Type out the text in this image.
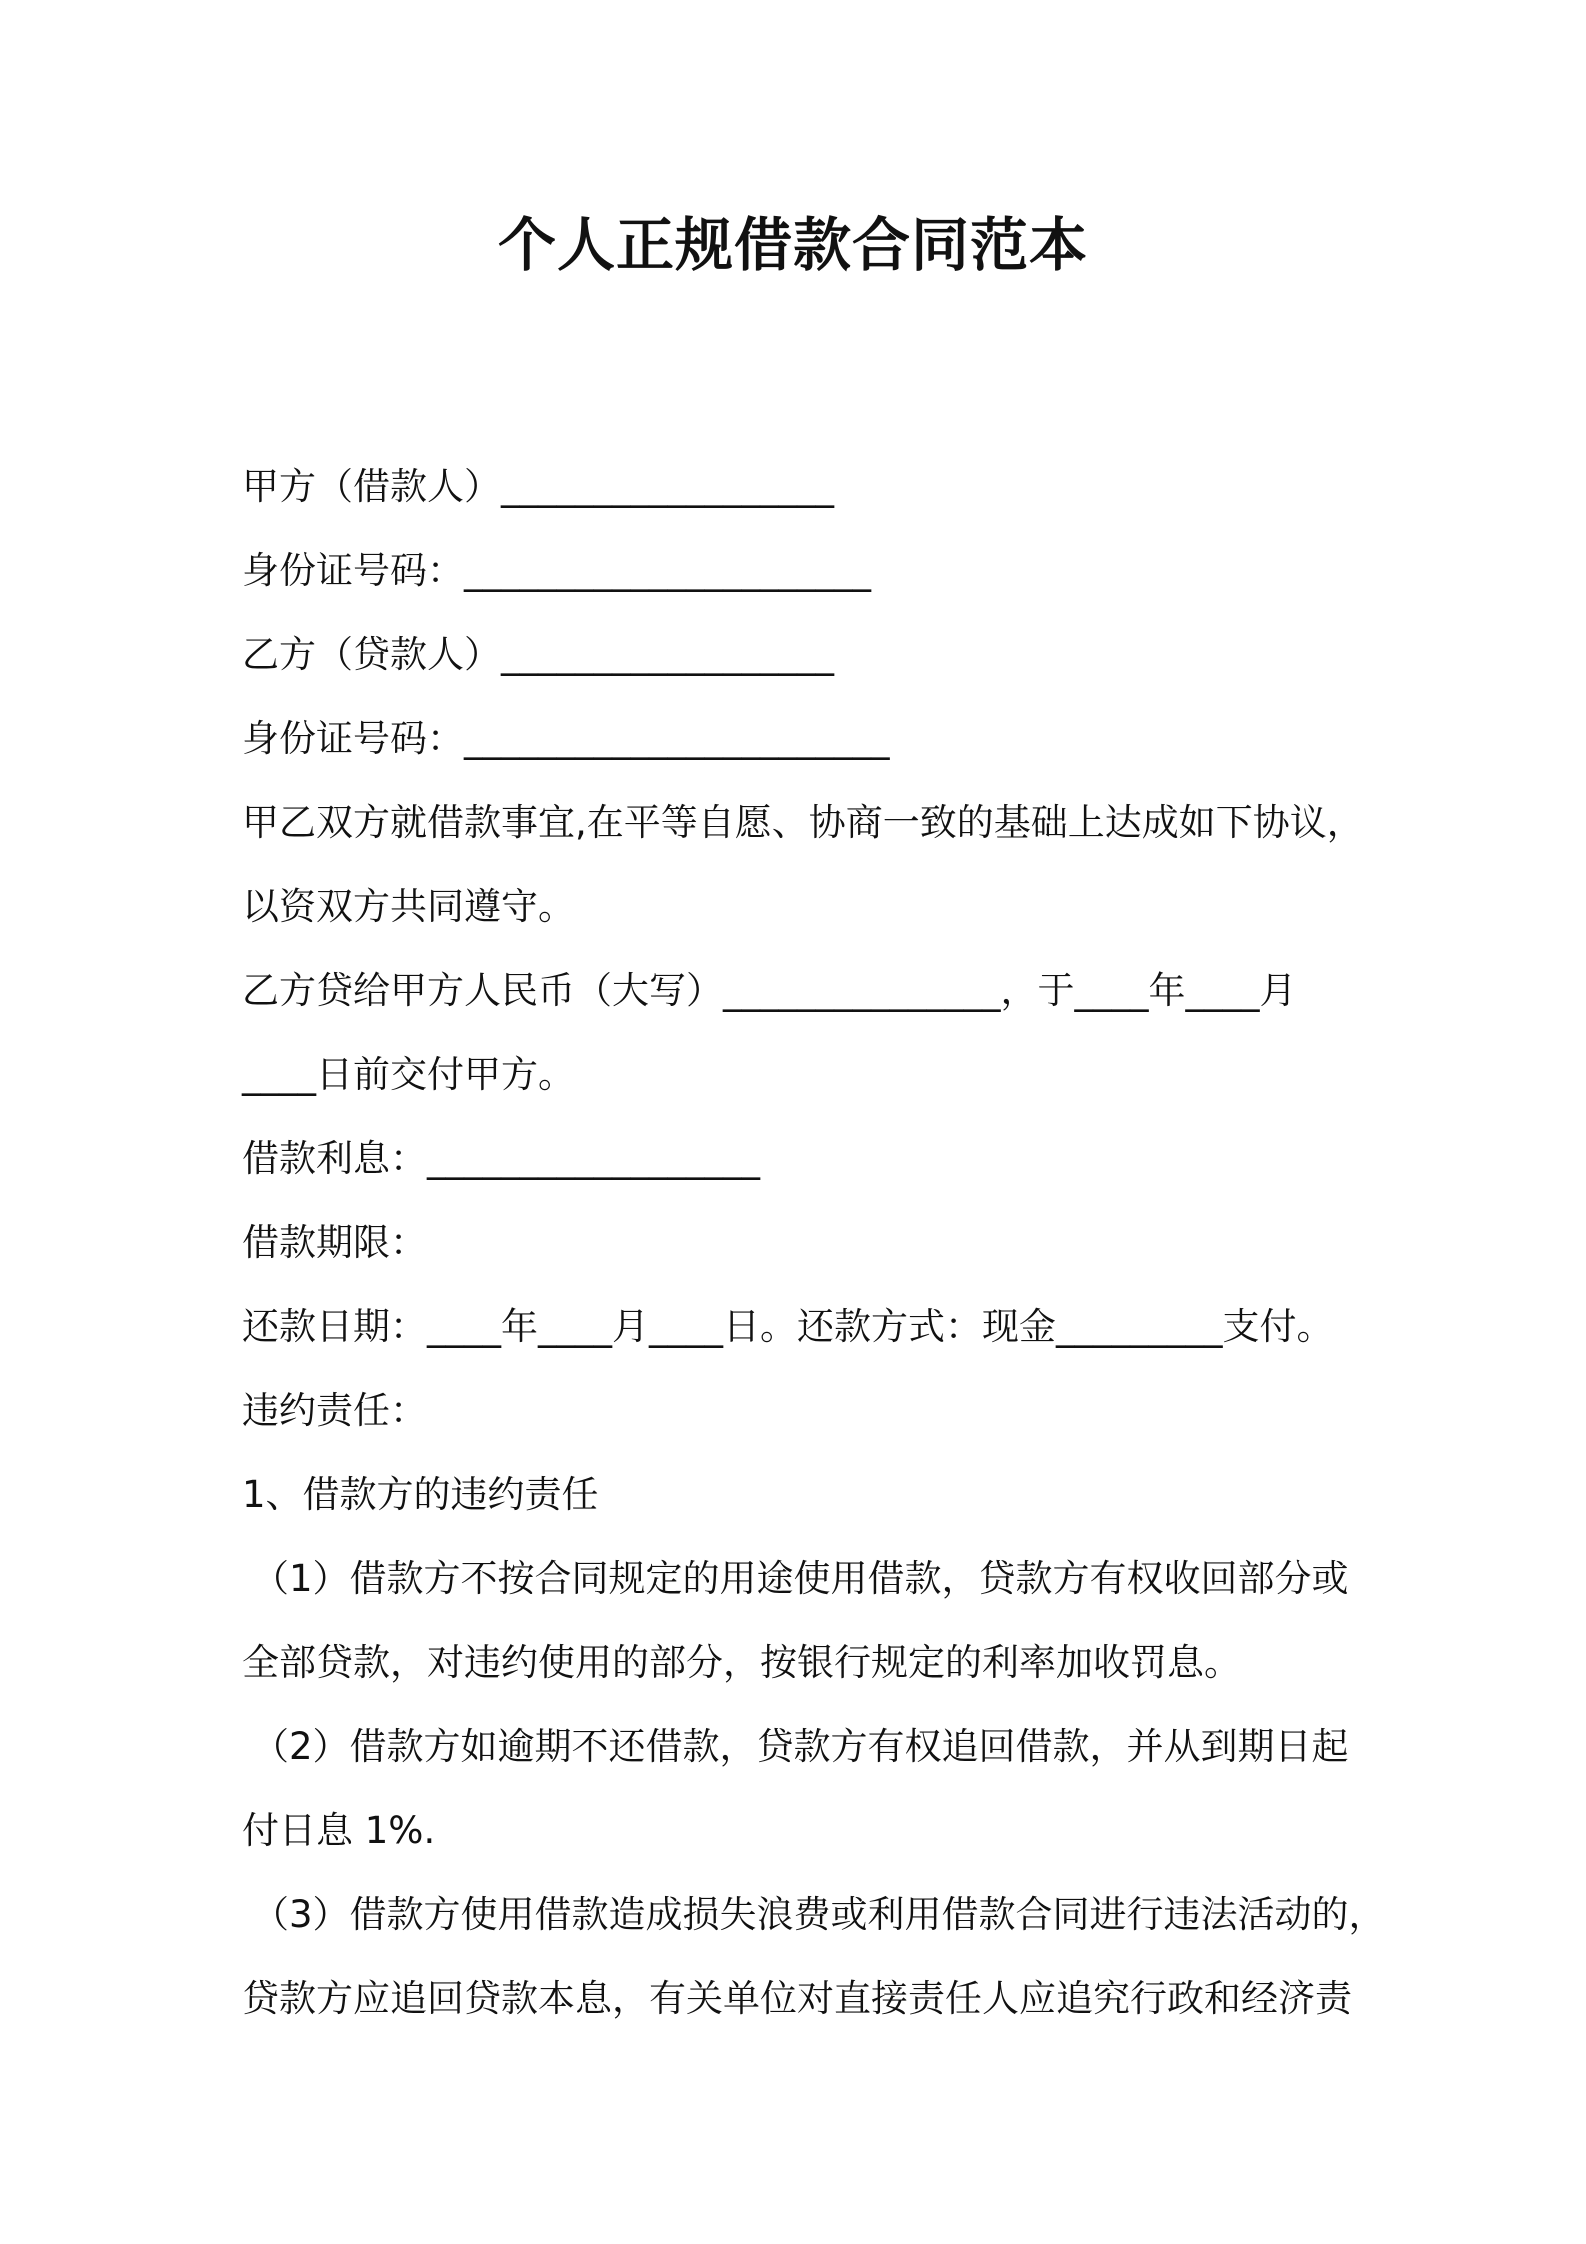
个人正规借款合同范本

甲方（借款人）__________________

身份证号码：______________________

乙方（贷款人）__________________

身份证号码：_______________________

甲乙双方就借款事宜,在平等自愿、协商一致的基础上达成如下协议，

以资双方共同遵守。

乙方贷给甲方人民币（大写）_______________，于____年____月

____日前交付甲方。

借款利息：__________________

借款期限：

还款日期：____年____月____日。还款方式：现金_________支付。

违约责任：

1、借款方的违约责任

（1）借款方不按合同规定的用途使用借款，贷款方有权收回部分或

全部贷款，对违约使用的部分，按银行规定的利率加收罚息。

（2）借款方如逾期不还借款，贷款方有权追回借款，并从到期日起

付日息 1%.

（3）借款方使用借款造成损失浪费或利用借款合同进行违法活动的，

贷款方应追回贷款本息，有关单位对直接责任人应追究行政和经济责
